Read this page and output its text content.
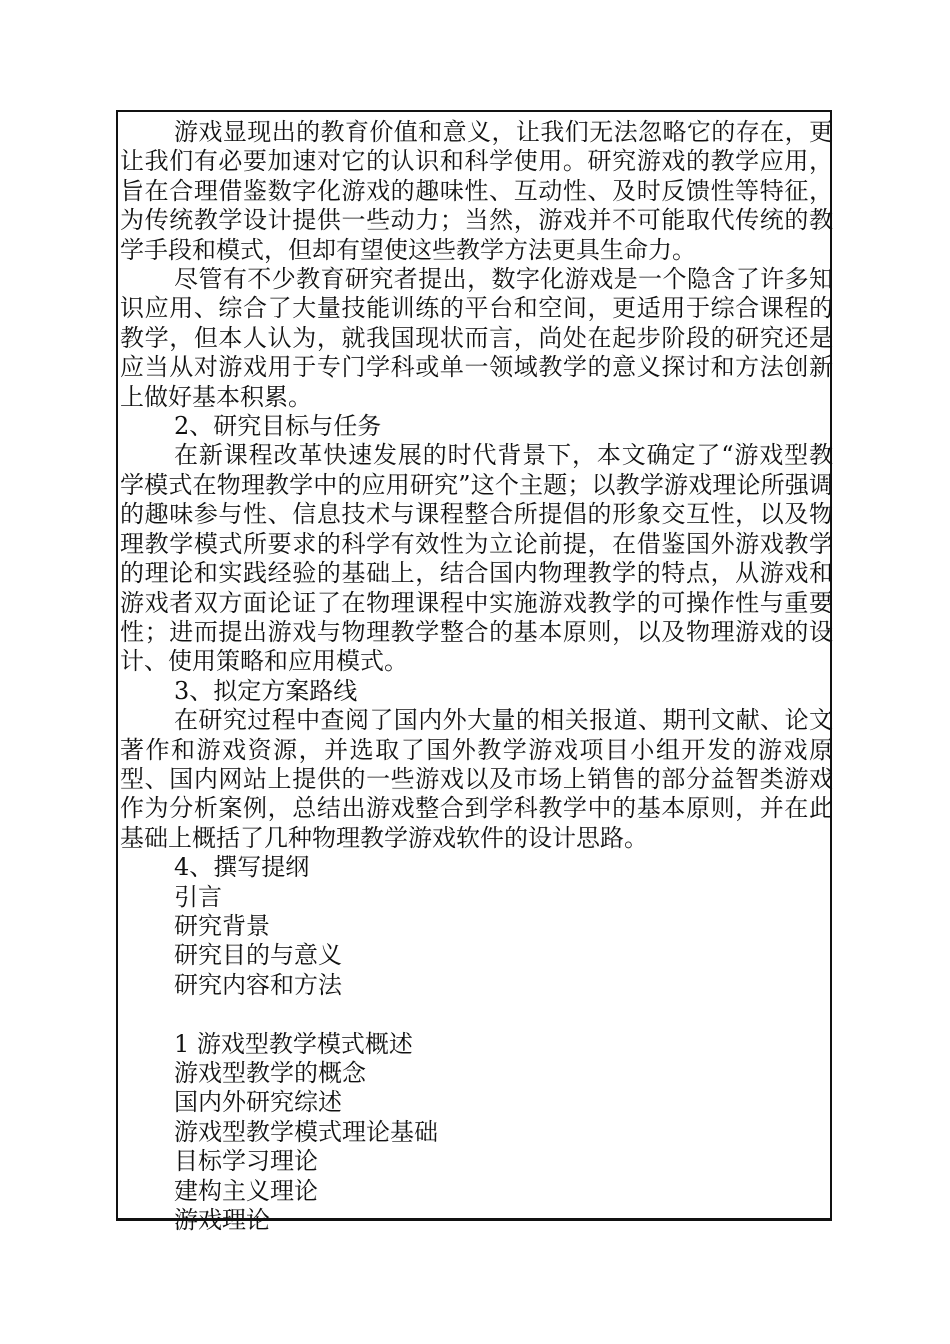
游戏显现出的教育价值和意义，让我们无法忽略它的存在，更让我们有必要加速对它的认识和科学使用。研究游戏的教学应用，旨在合理借鉴数字化游戏的趣味性、互动性、及时反馈性等特征，为传统教学设计提供一些动力；当然，游戏并不可能取代传统的教学手段和模式，但却有望使这些教学方法更具生命力。

尽管有不少教育研究者提出，数字化游戏是一个隐含了许多知识应用、综合了大量技能训练的平台和空间，更适用于综合课程的教学，但本人认为，就我国现状而言，尚处在起步阶段的研究还是应当从对游戏用于专门学科或单一领域教学的意义探讨和方法创新上做好基本积累。

2、研究目标与任务

在新课程改革快速发展的时代背景下，本文确定了“游戏型教学模式在物理教学中的应用研究”这个主题；以教学游戏理论所强调的趣味参与性、信息技术与课程整合所提倡的形象交互性，以及物理教学模式所要求的科学有效性为立论前提，在借鉴国外游戏教学的理论和实践经验的基础上，结合国内物理教学的特点，从游戏和游戏者双方面论证了在物理课程中实施游戏教学的可操作性与重要性；进而提出游戏与物理教学整合的基本原则，以及物理游戏的设计、使用策略和应用模式。

3、拟定方案路线

在研究过程中查阅了国内外大量的相关报道、期刊文献、论文著作和游戏资源，并选取了国外教学游戏项目小组开发的游戏原型、国内网站上提供的一些游戏以及市场上销售的部分益智类游戏作为分析案例，总结出游戏整合到学科教学中的基本原则，并在此基础上概括了几种物理教学游戏软件的设计思路。

4、撰写提纲

引言

研究背景

研究目的与意义

研究内容和方法

1 游戏型教学模式概述

游戏型教学的概念

国内外研究综述

游戏型教学模式理论基础

目标学习理论

建构主义理论

游戏理论
